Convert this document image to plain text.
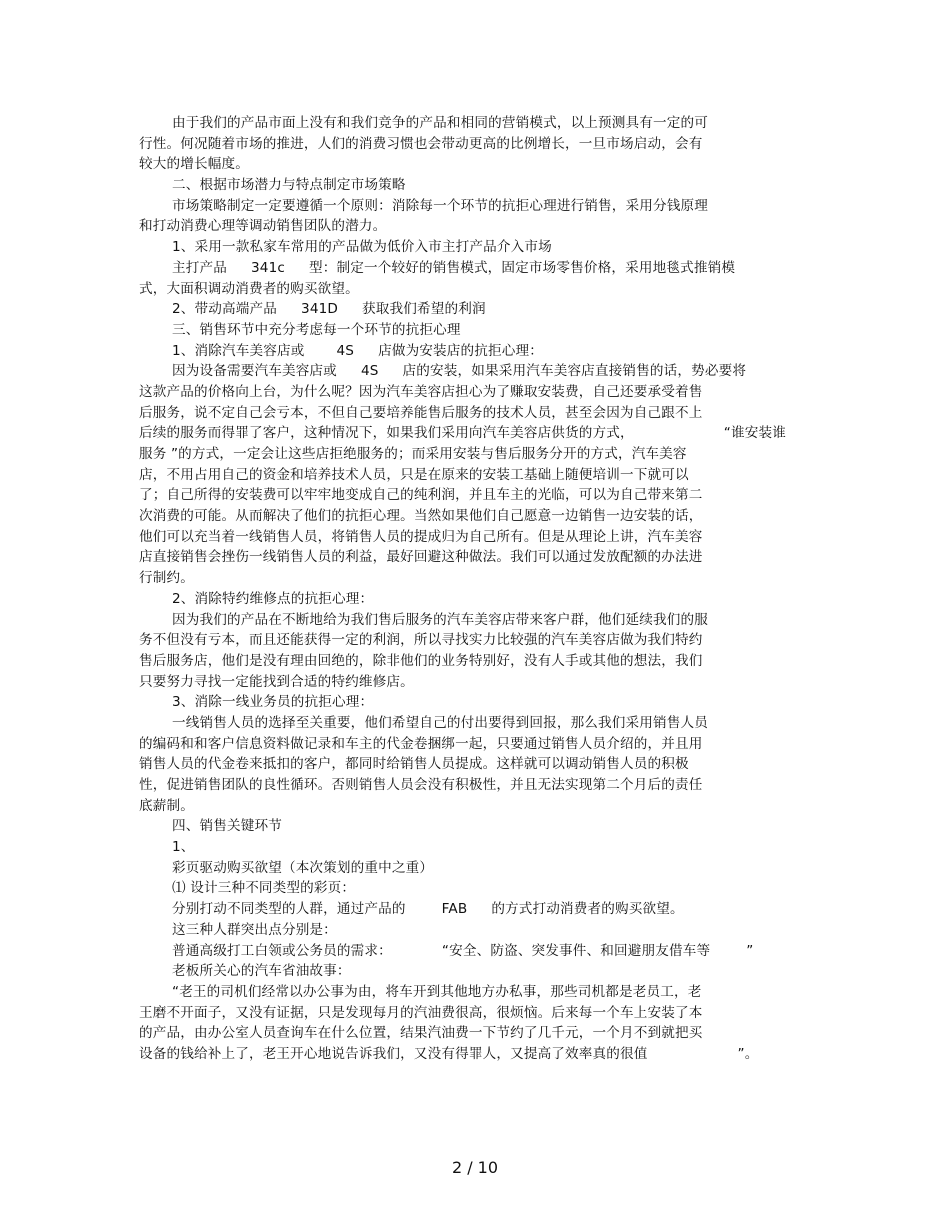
由于我们的产品市面上没有和我们竞争的产品和相同的营销模式，以上预测具有一定的可
行性。何况随着市场的推进，人们的消费习惯也会带动更高的比例增长，一旦市场启动，会有
较大的增长幅度。
二、根据市场潜力与特点制定市场策略
市场策略制定一定要遵循一个原则：消除每一个环节的抗拒心理进行销售，采用分钱原理
和打动消费心理等调动销售团队的潜力。
1、采用一款私家车常用的产品做为低价入市主打产品介入市场
主打产品 341c 型：制定一个较好的销售模式，固定市场零售价格，采用地毯式推销模
式，大面积调动消费者的购买欲望。
2、带动高端产品 341D 获取我们希望的利润
三、销售环节中充分考虑每一个环节的抗拒心理
1、消除汽车美容店或 4S 店做为安装店的抗拒心理：
因为设备需要汽车美容店或 4S 店的安装，如果采用汽车美容店直接销售的话，势必要将
这款产品的价格向上台，为什么呢？因为汽车美容店担心为了赚取安装费，自己还要承受着售
后服务，说不定自己会亏本，不但自己要培养能售后服务的技术人员，甚至会因为自己跟不上
后续的服务而得罪了客户，这种情况下，如果我们采用向汽车美容店供货的方式，	“谁安装谁
服务 ”的方式，一定会让这些店拒绝服务的；而采用安装与售后服务分开的方式，汽车美容
店，不用占用自己的资金和培养技术人员，只是在原来的安装工基础上随便培训一下就可以
了；自己所得的安装费可以牢牢地变成自己的纯利润，并且车主的光临，可以为自己带来第二
次消费的可能。从而解决了他们的抗拒心理。当然如果他们自己愿意一边销售一边安装的话，
他们可以充当着一线销售人员，将销售人员的提成归为自己所有。但是从理论上讲，汽车美容
店直接销售会挫伤一线销售人员的利益，最好回避这种做法。我们可以通过发放配额的办法进
行制约。
2、消除特约维修点的抗拒心理：
因为我们的产品在不断地给为我们售后服务的汽车美容店带来客户群，他们延续我们的服
务不但没有亏本，而且还能获得一定的利润，所以寻找实力比较强的汽车美容店做为我们特约
售后服务店，他们是没有理由回绝的，除非他们的业务特别好，没有人手或其他的想法，我们
只要努力寻找一定能找到合适的特约维修店。
3、消除一线业务员的抗拒心理：
一线销售人员的选择至关重要，他们希望自己的付出要得到回报，那么我们采用销售人员
的编码和和客户信息资料做记录和车主的代金卷捆绑一起，只要通过销售人员介绍的，并且用
销售人员的代金卷来抵扣的客户，都同时给销售人员提成。这样就可以调动销售人员的积极
性，促进销售团队的良性循环。否则销售人员会没有积极性，并且无法实现第二个月后的责任
底薪制。
四、销售关键环节
1、
彩页驱动购买欲望（本次策划的重中之重）
⑴ 设计三种不同类型的彩页：
分别打动不同类型的人群，通过产品的	FAB 的方式打动消费者的购买欲望。
这三种人群突出点分别是：
普通高级打工白领或公务员的需求：	“安全、防盗、突发事件、和回避朋友借车等	”
老板所关心的汽车省油故事：
“老王的司机们经常以办公事为由，将车开到其他地方办私事，那些司机都是老员工，老
王磨不开面子，又没有证据，只是发现每月的汽油费很高，很烦恼。后来每一个车上安装了本
的产品，由办公室人员查询车在什么位置，结果汽油费一下节约了几千元，一个月不到就把买
设备的钱给补上了，老王开心地说告诉我们，又没有得罪人，又提高了效率真的很值	”。
2 / 10
